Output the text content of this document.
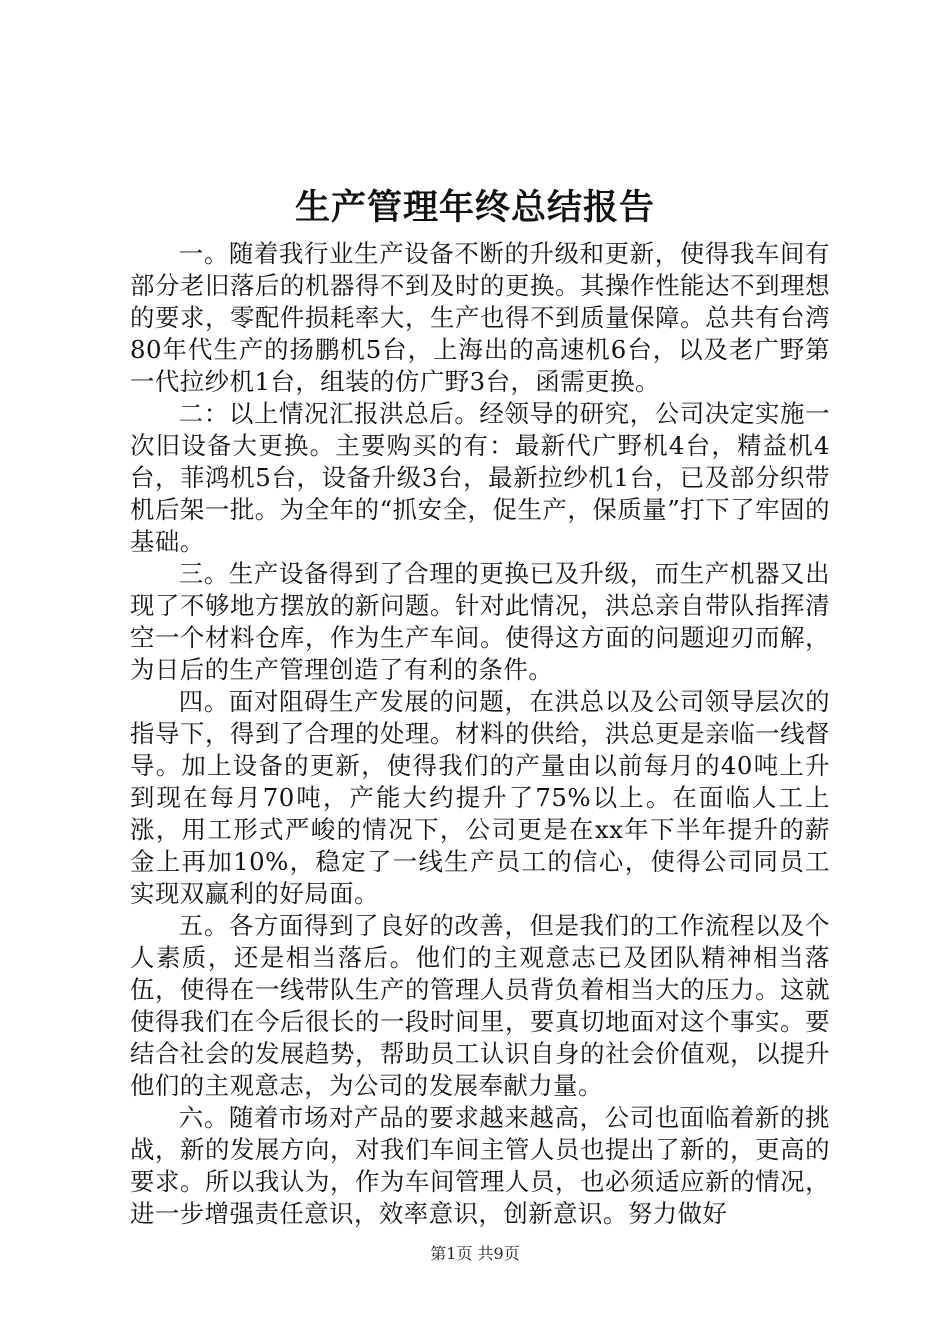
生产管理年终总结报告

一。随着我行业生产设备不断的升级和更新，使得我车间有部分老旧落后的机器得不到及时的更换。其操作性能达不到理想的要求，零配件损耗率大，生产也得不到质量保障。总共有台湾80年代生产的扬鹏机5台，上海出的高速机6台，以及老广野第一代拉纱机1台，组装的仿广野3台，函需更换。

二：以上情况汇报洪总后。经领导的研究，公司决定实施一次旧设备大更换。主要购买的有：最新代广野机4台，精益机4台，菲鸿机5台，设备升级3台，最新拉纱机1台，已及部分织带机后架一批。为全年的“抓安全，促生产，保质量”打下了牢固的基础。

三。生产设备得到了合理的更换已及升级，而生产机器又出现了不够地方摆放的新问题。针对此情况，洪总亲自带队指挥清空一个材料仓库，作为生产车间。使得这方面的问题迎刃而解，为日后的生产管理创造了有利的条件。

四。面对阻碍生产发展的问题，在洪总以及公司领导层次的指导下，得到了合理的处理。材料的供给，洪总更是亲临一线督导。加上设备的更新，使得我们的产量由以前每月的40吨上升到现在每月70吨，产能大约提升了75%以上。在面临人工上涨，用工形式严峻的情况下，公司更是在xx年下半年提升的薪金上再加10%，稳定了一线生产员工的信心，使得公司同员工实现双赢利的好局面。

五。各方面得到了良好的改善，但是我们的工作流程以及个人素质，还是相当落后。他们的主观意志已及团队精神相当落伍，使得在一线带队生产的管理人员背负着相当大的压力。这就使得我们在今后很长的一段时间里，要真切地面对这个事实。要结合社会的发展趋势，帮助员工认识自身的社会价值观，以提升他们的主观意志，为公司的发展奉献力量。

六。随着市场对产品的要求越来越高，公司也面临着新的挑战，新的发展方向，对我们车间主管人员也提出了新的，更高的要求。所以我认为，作为车间管理人员，也必须适应新的情况，进一步增强责任意识，效率意识，创新意识。努力做好

第1页 共9页
